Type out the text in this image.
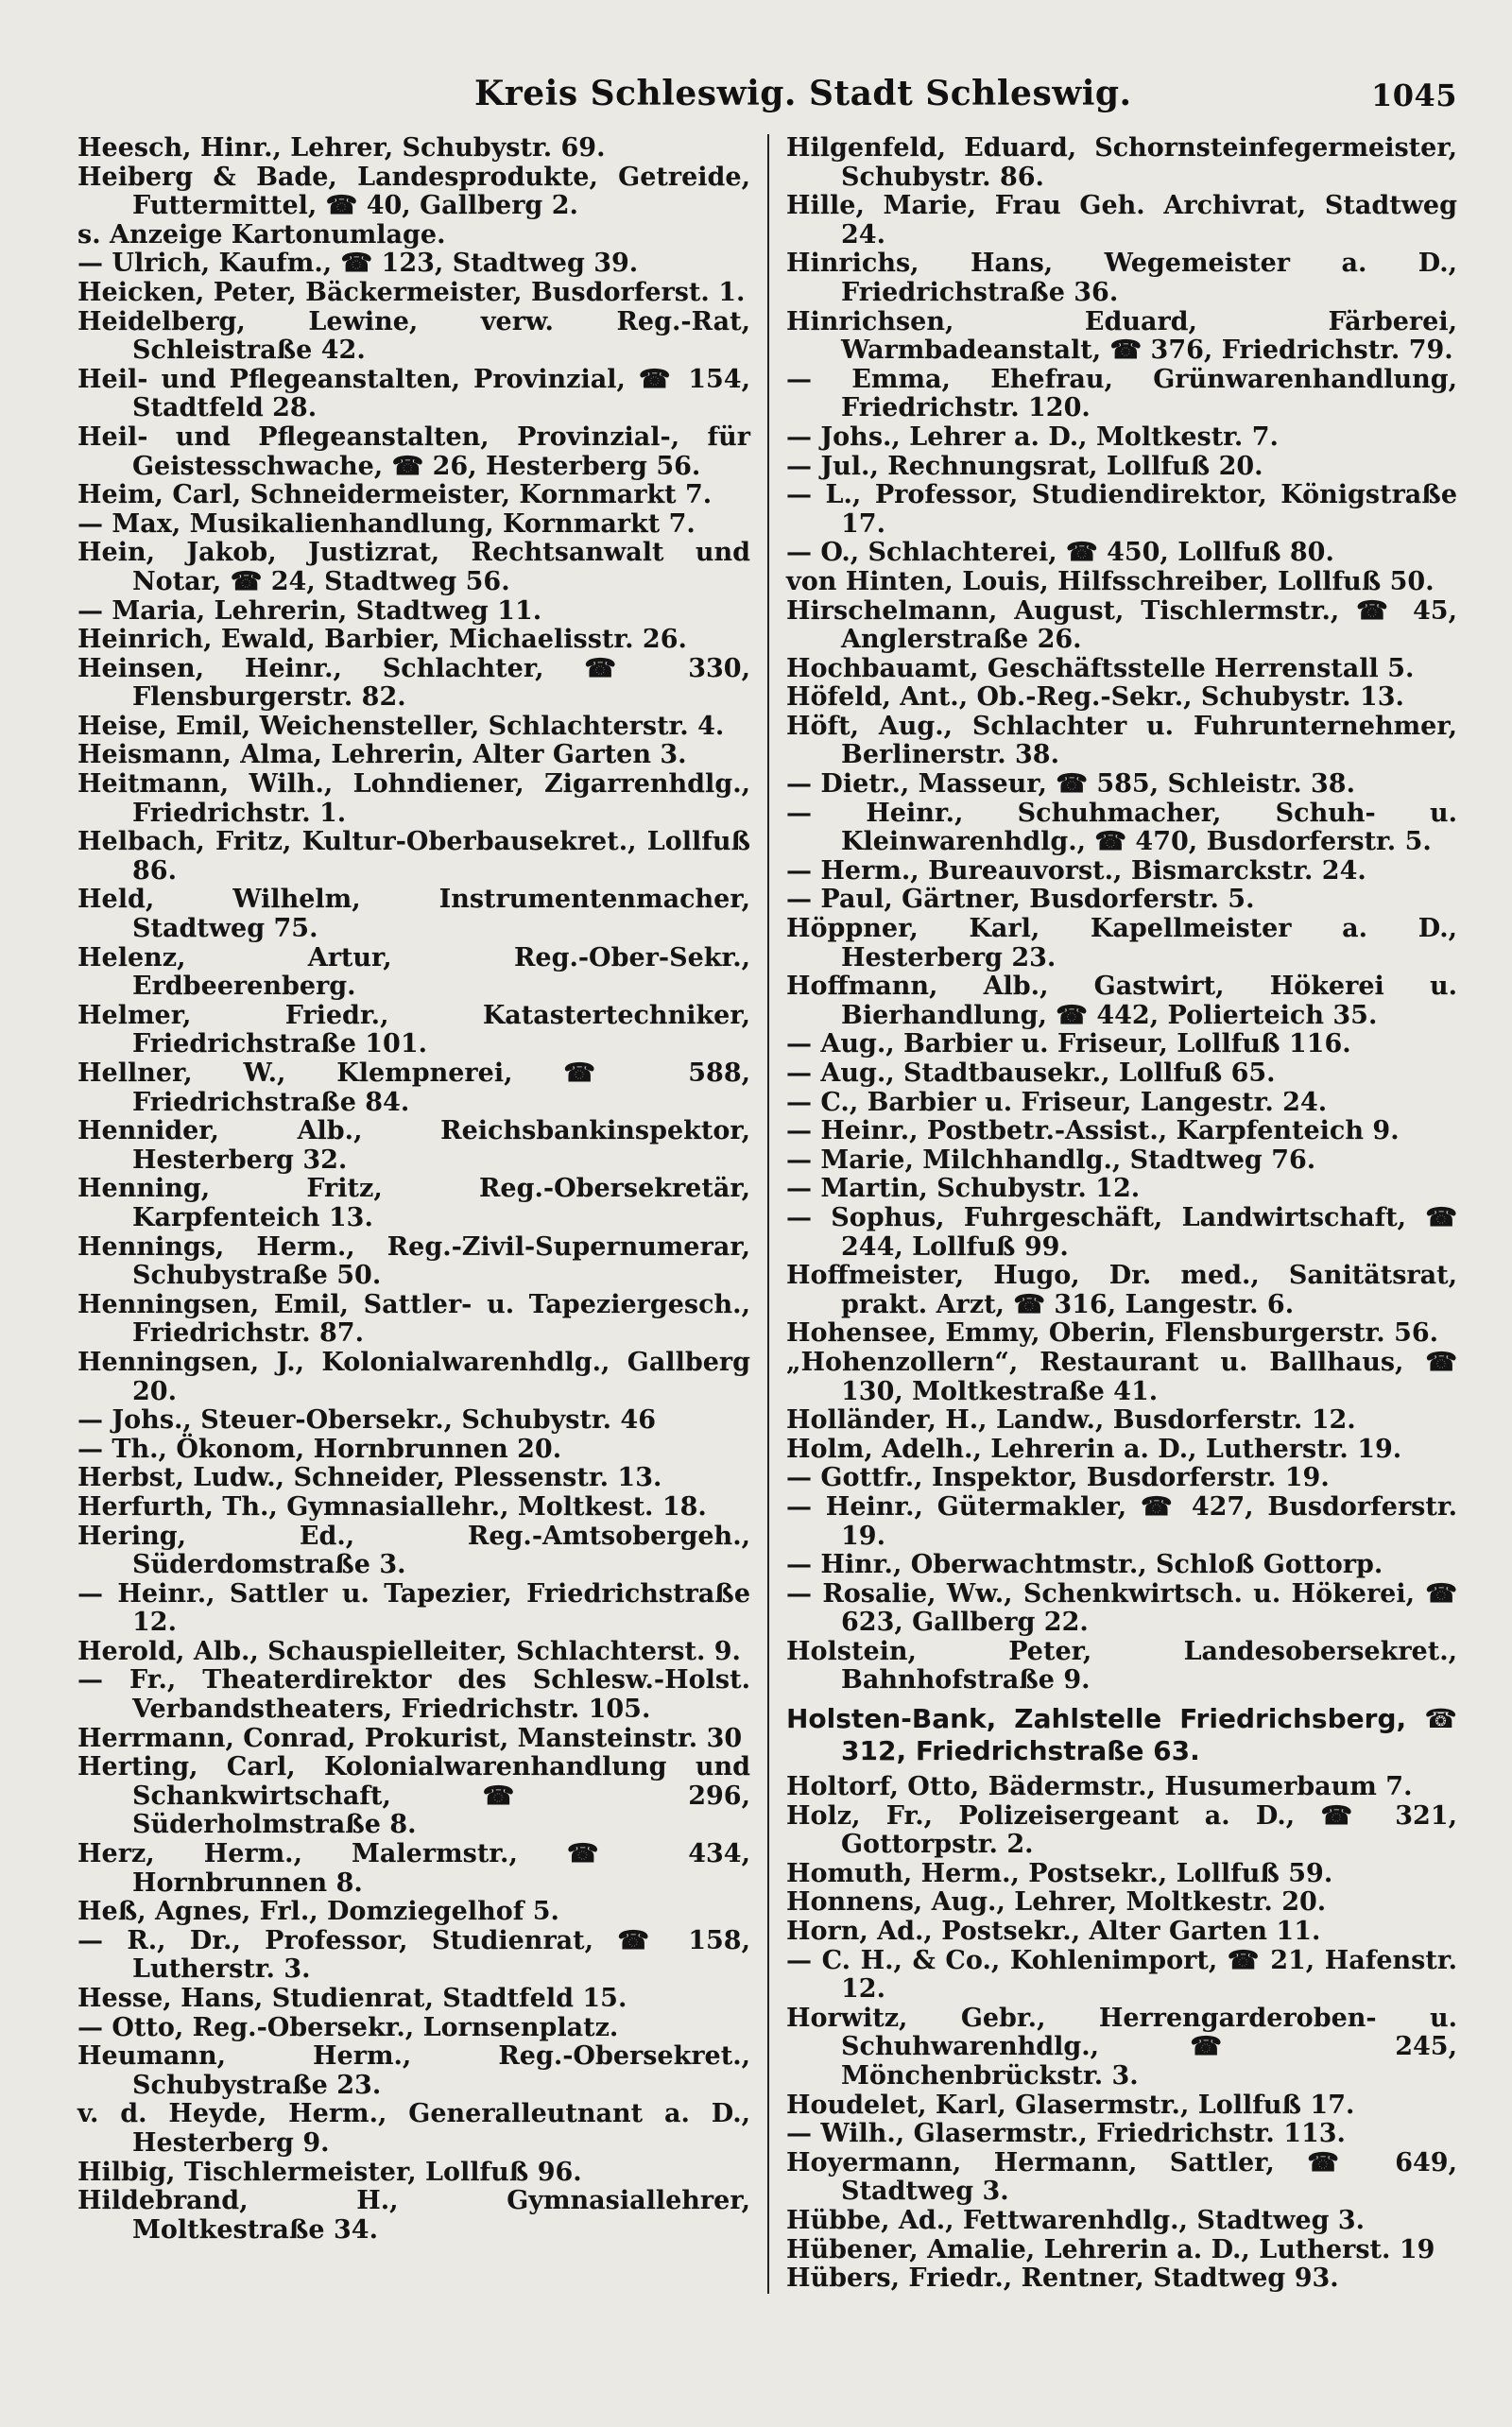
Kreis Schleswig. Stadt Schleswig.	1045
Heesch, Hinr., Lehrer, Schubystr. 69.
Heiberg & Bade, Landesprodukte, Getreide, Futtermittel, ☎ 40, Gallberg 2.
s. Anzeige Kartonumlage.
— Ulrich, Kaufm., ☎ 123, Stadtweg 39.
Heicken, Peter, Bäckermeister, Busdorferst. 1.
Heidelberg, Lewine, verw. Reg.-Rat, Schleistraße 42.
Heil- und Pflegeanstalten, Provinzial, ☎ 154, Stadtfeld 28.
Heil- und Pflegeanstalten, Provinzial-, für Geistesschwache, ☎ 26, Hesterberg 56.
Heim, Carl, Schneidermeister, Kornmarkt 7.
— Max, Musikalienhandlung, Kornmarkt 7.
Hein, Jakob, Justizrat, Rechtsanwalt und Notar, ☎ 24, Stadtweg 56.
— Maria, Lehrerin, Stadtweg 11.
Heinrich, Ewald, Barbier, Michaelisstr. 26.
Heinsen, Heinr., Schlachter, ☎ 330, Flensburgerstr. 82.
Heise, Emil, Weichensteller, Schlachterstr. 4.
Heismann, Alma, Lehrerin, Alter Garten 3.
Heitmann, Wilh., Lohndiener, Zigarrenhdlg., Friedrichstr. 1.
Helbach, Fritz, Kultur-Oberbausekret., Lollfuß 86.
Held, Wilhelm, Instrumentenmacher, Stadtweg 75.
Helenz, Artur, Reg.-Ober-Sekr., Erdbeerenberg.
Helmer, Friedr., Katastertechniker, Friedrichstraße 101.
Hellner, W., Klempnerei, ☎ 588, Friedrichstraße 84.
Hennider, Alb., Reichsbankinspektor, Hesterberg 32.
Henning, Fritz, Reg.-Obersekretär, Karpfenteich 13.
Hennings, Herm., Reg.-Zivil-Supernumerar, Schubystraße 50.
Henningsen, Emil, Sattler- u. Tapeziergesch., Friedrichstr. 87.
Henningsen, J., Kolonialwarenhdlg., Gallberg 20.
— Johs., Steuer-Obersekr., Schubystr. 46
— Th., Ökonom, Hornbrunnen 20.
Herbst, Ludw., Schneider, Plessenstr. 13.
Herfurth, Th., Gymnasiallehr., Moltkest. 18.
Hering, Ed., Reg.-Amtsobergeh., Süderdomstraße 3.
— Heinr., Sattler u. Tapezier, Friedrichstraße 12.
Herold, Alb., Schauspielleiter, Schlachterst. 9.
— Fr., Theaterdirektor des Schlesw.-Holst. Verbandstheaters, Friedrichstr. 105.
Herrmann, Conrad, Prokurist, Mansteinstr. 30
Herting, Carl, Kolonialwarenhandlung und Schankwirtschaft, ☎ 296, Süderholmstraße 8.
Herz, Herm., Malermstr., ☎ 434, Hornbrunnen 8.
Heß, Agnes, Frl., Domziegelhof 5.
— R., Dr., Professor, Studienrat, ☎ 158, Lutherstr. 3.
Hesse, Hans, Studienrat, Stadtfeld 15.
— Otto, Reg.-Obersekr., Lornsenplatz.
Heumann, Herm., Reg.-Obersekret., Schubystraße 23.
v. d. Heyde, Herm., Generalleutnant a. D., Hesterberg 9.
Hilbig, Tischlermeister, Lollfuß 96.
Hildebrand, H., Gymnasiallehrer, Moltkestraße 34.
Hilgenfeld, Eduard, Schornsteinfegermeister, Schubystr. 86.
Hille, Marie, Frau Geh. Archivrat, Stadtweg 24.
Hinrichs, Hans, Wegemeister a. D., Friedrichstraße 36.
Hinrichsen, Eduard, Färberei, Warmbadeanstalt, ☎ 376, Friedrichstr. 79.
— Emma, Ehefrau, Grünwarenhandlung, Friedrichstr. 120.
— Johs., Lehrer a. D., Moltkestr. 7.
— Jul., Rechnungsrat, Lollfuß 20.
— L., Professor, Studiendirektor, Königstraße 17.
— O., Schlachterei, ☎ 450, Lollfuß 80.
von Hinten, Louis, Hilfsschreiber, Lollfuß 50.
Hirschelmann, August, Tischlermstr., ☎ 45, Anglerstraße 26.
Hochbauamt, Geschäftsstelle Herrenstall 5.
Höfeld, Ant., Ob.-Reg.-Sekr., Schubystr. 13.
Höft, Aug., Schlachter u. Fuhrunternehmer, Berlinerstr. 38.
— Dietr., Masseur, ☎ 585, Schleistr. 38.
— Heinr., Schuhmacher, Schuh- u. Kleinwarenhdlg., ☎ 470, Busdorferstr. 5.
— Herm., Bureauvorst., Bismarckstr. 24.
— Paul, Gärtner, Busdorferstr. 5.
Höppner, Karl, Kapellmeister a. D., Hesterberg 23.
Hoffmann, Alb., Gastwirt, Hökerei u. Bierhandlung, ☎ 442, Polierteich 35.
— Aug., Barbier u. Friseur, Lollfuß 116.
— Aug., Stadtbausekr., Lollfuß 65.
— C., Barbier u. Friseur, Langestr. 24.
— Heinr., Postbetr.-Assist., Karpfenteich 9.
— Marie, Milchhandlg., Stadtweg 76.
— Martin, Schubystr. 12.
— Sophus, Fuhrgeschäft, Landwirtschaft, ☎ 244, Lollfuß 99.
Hoffmeister, Hugo, Dr. med., Sanitätsrat, prakt. Arzt, ☎ 316, Langestr. 6.
Hohensee, Emmy, Oberin, Flensburgerstr. 56.
„Hohenzollern“, Restaurant u. Ballhaus, ☎ 130, Moltkestraße 41.
Holländer, H., Landw., Busdorferstr. 12.
Holm, Adelh., Lehrerin a. D., Lutherstr. 19.
— Gottfr., Inspektor, Busdorferstr. 19.
— Heinr., Gütermakler, ☎ 427, Busdorferstr. 19.
— Hinr., Oberwachtmstr., Schloß Gottorp.
— Rosalie, Ww., Schenkwirtsch. u. Hökerei, ☎ 623, Gallberg 22.
Holstein, Peter, Landesobersekret., Bahnhofstraße 9.
Holsten-Bank, Zahlstelle Friedrichsberg, ☎ 312, Friedrichstraße 63.
Holtorf, Otto, Bädermstr., Husumerbaum 7.
Holz, Fr., Polizeisergeant a. D., ☎ 321, Gottorpstr. 2.
Homuth, Herm., Postsekr., Lollfuß 59.
Honnens, Aug., Lehrer, Moltkestr. 20.
Horn, Ad., Postsekr., Alter Garten 11.
— C. H., & Co., Kohlenimport, ☎ 21, Hafenstr. 12.
Horwitz, Gebr., Herrengarderoben- u. Schuhwarenhdlg., ☎ 245, Mönchenbrückstr. 3.
Houdelet, Karl, Glasermstr., Lollfuß 17.
— Wilh., Glasermstr., Friedrichstr. 113.
Hoyermann, Hermann, Sattler, ☎ 649, Stadtweg 3.
Hübbe, Ad., Fettwarenhdlg., Stadtweg 3.
Hübener, Amalie, Lehrerin a. D., Lutherst. 19
Hübers, Friedr., Rentner, Stadtweg 93.
